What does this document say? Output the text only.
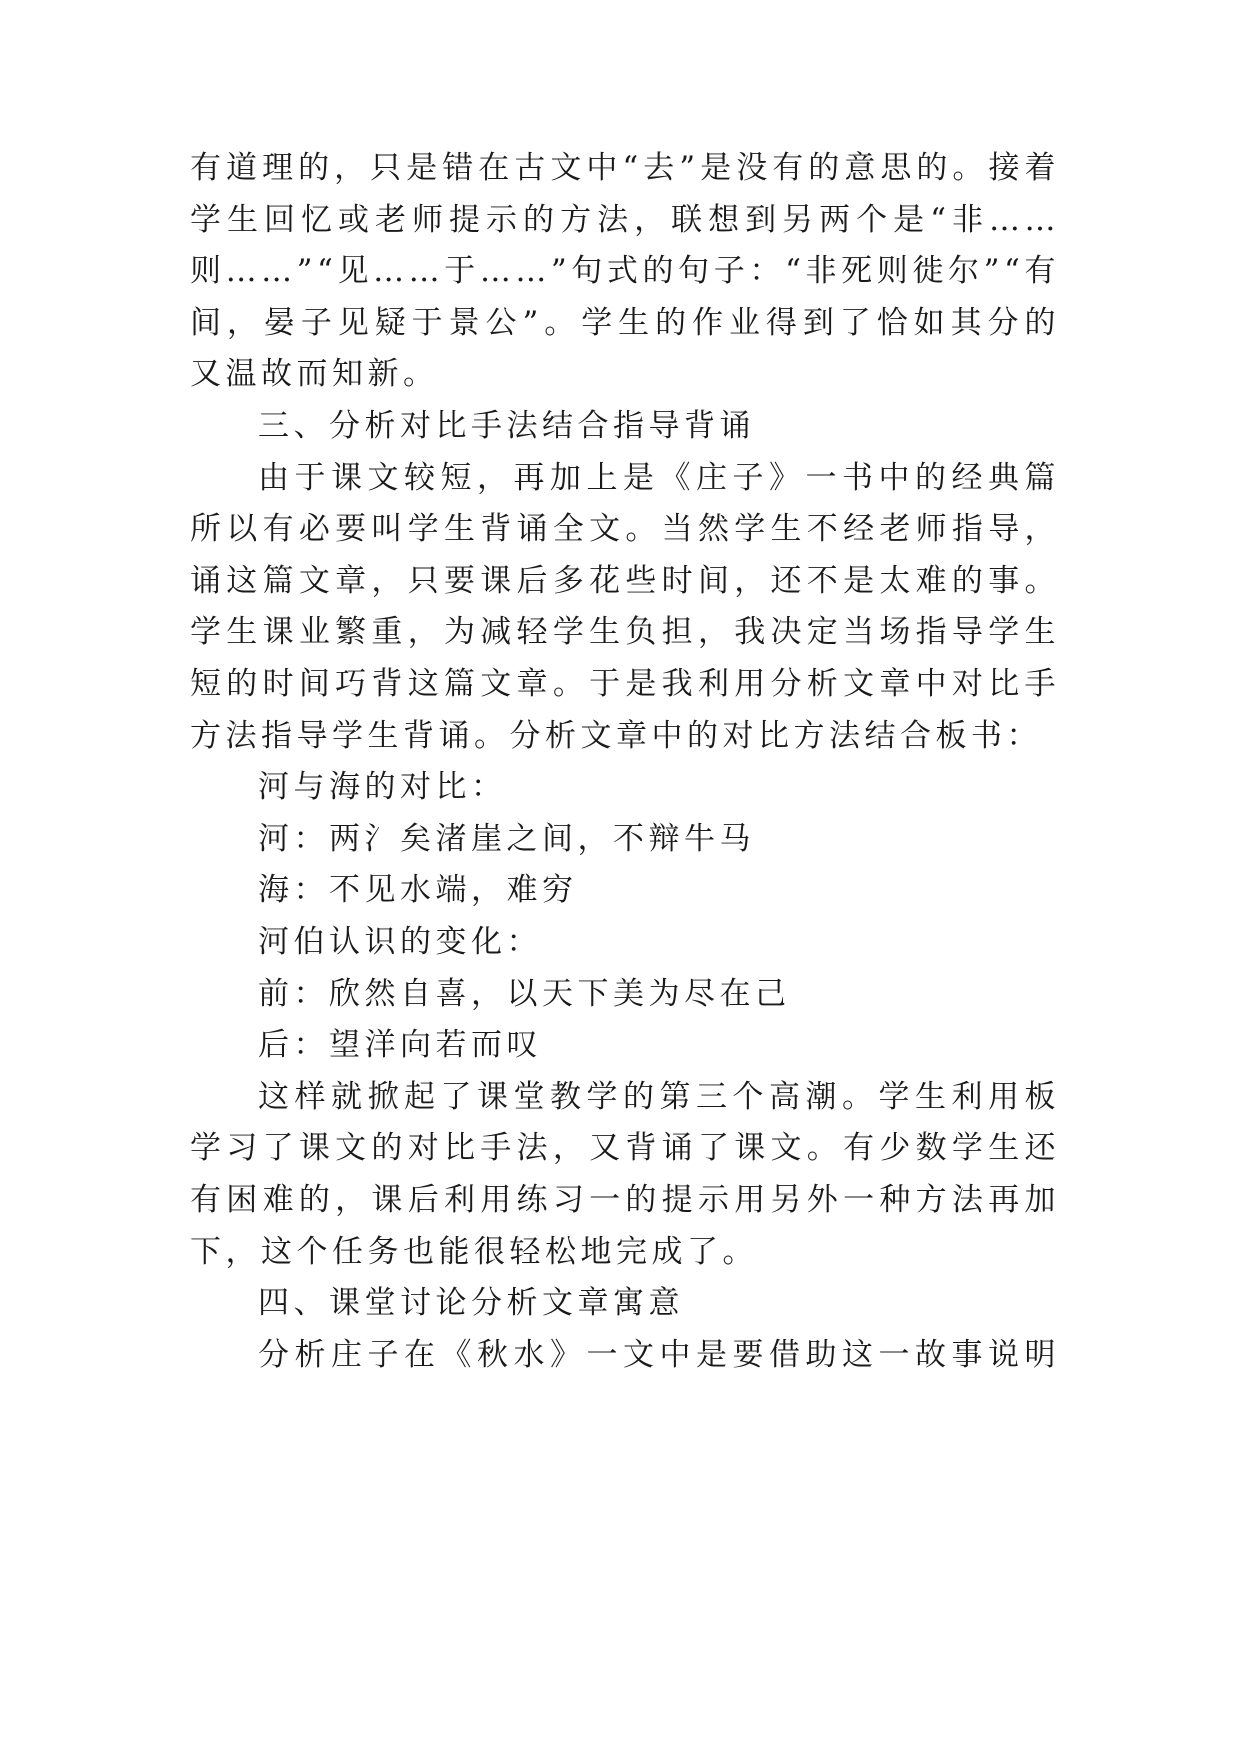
有道理的，只是错在古文中“去”是没有的意思的。接着
学生回忆或老师提示的方法，联想到另两个是“非……
则……”“见……于……”句式的句子：“非死则徙尔”“有
间，晏子见疑于景公”。学生的作业得到了恰如其分的
又温故而知新。
三、分析对比手法结合指导背诵
由于课文较短，再加上是《庄子》一书中的经典篇
所以有必要叫学生背诵全文。当然学生不经老师指导，
诵这篇文章，只要课后多花些时间，还不是太难的事。
学生课业繁重，为减轻学生负担，我决定当场指导学生
短的时间巧背这篇文章。于是我利用分析文章中对比手
方法指导学生背诵。分析文章中的对比方法结合板书：
河与海的对比：
河：两氵矣渚崖之间，不辩牛马
海：不见水端，难穷
河伯认识的变化：
前：欣然自喜，以天下美为尽在己
后：望洋向若而叹
这样就掀起了课堂教学的第三个高潮。学生利用板
学习了课文的对比手法，又背诵了课文。有少数学生还
有困难的，课后利用练习一的提示用另外一种方法再加
下，这个任务也能很轻松地完成了。
四、课堂讨论分析文章寓意
分析庄子在《秋水》一文中是要借助这一故事说明
